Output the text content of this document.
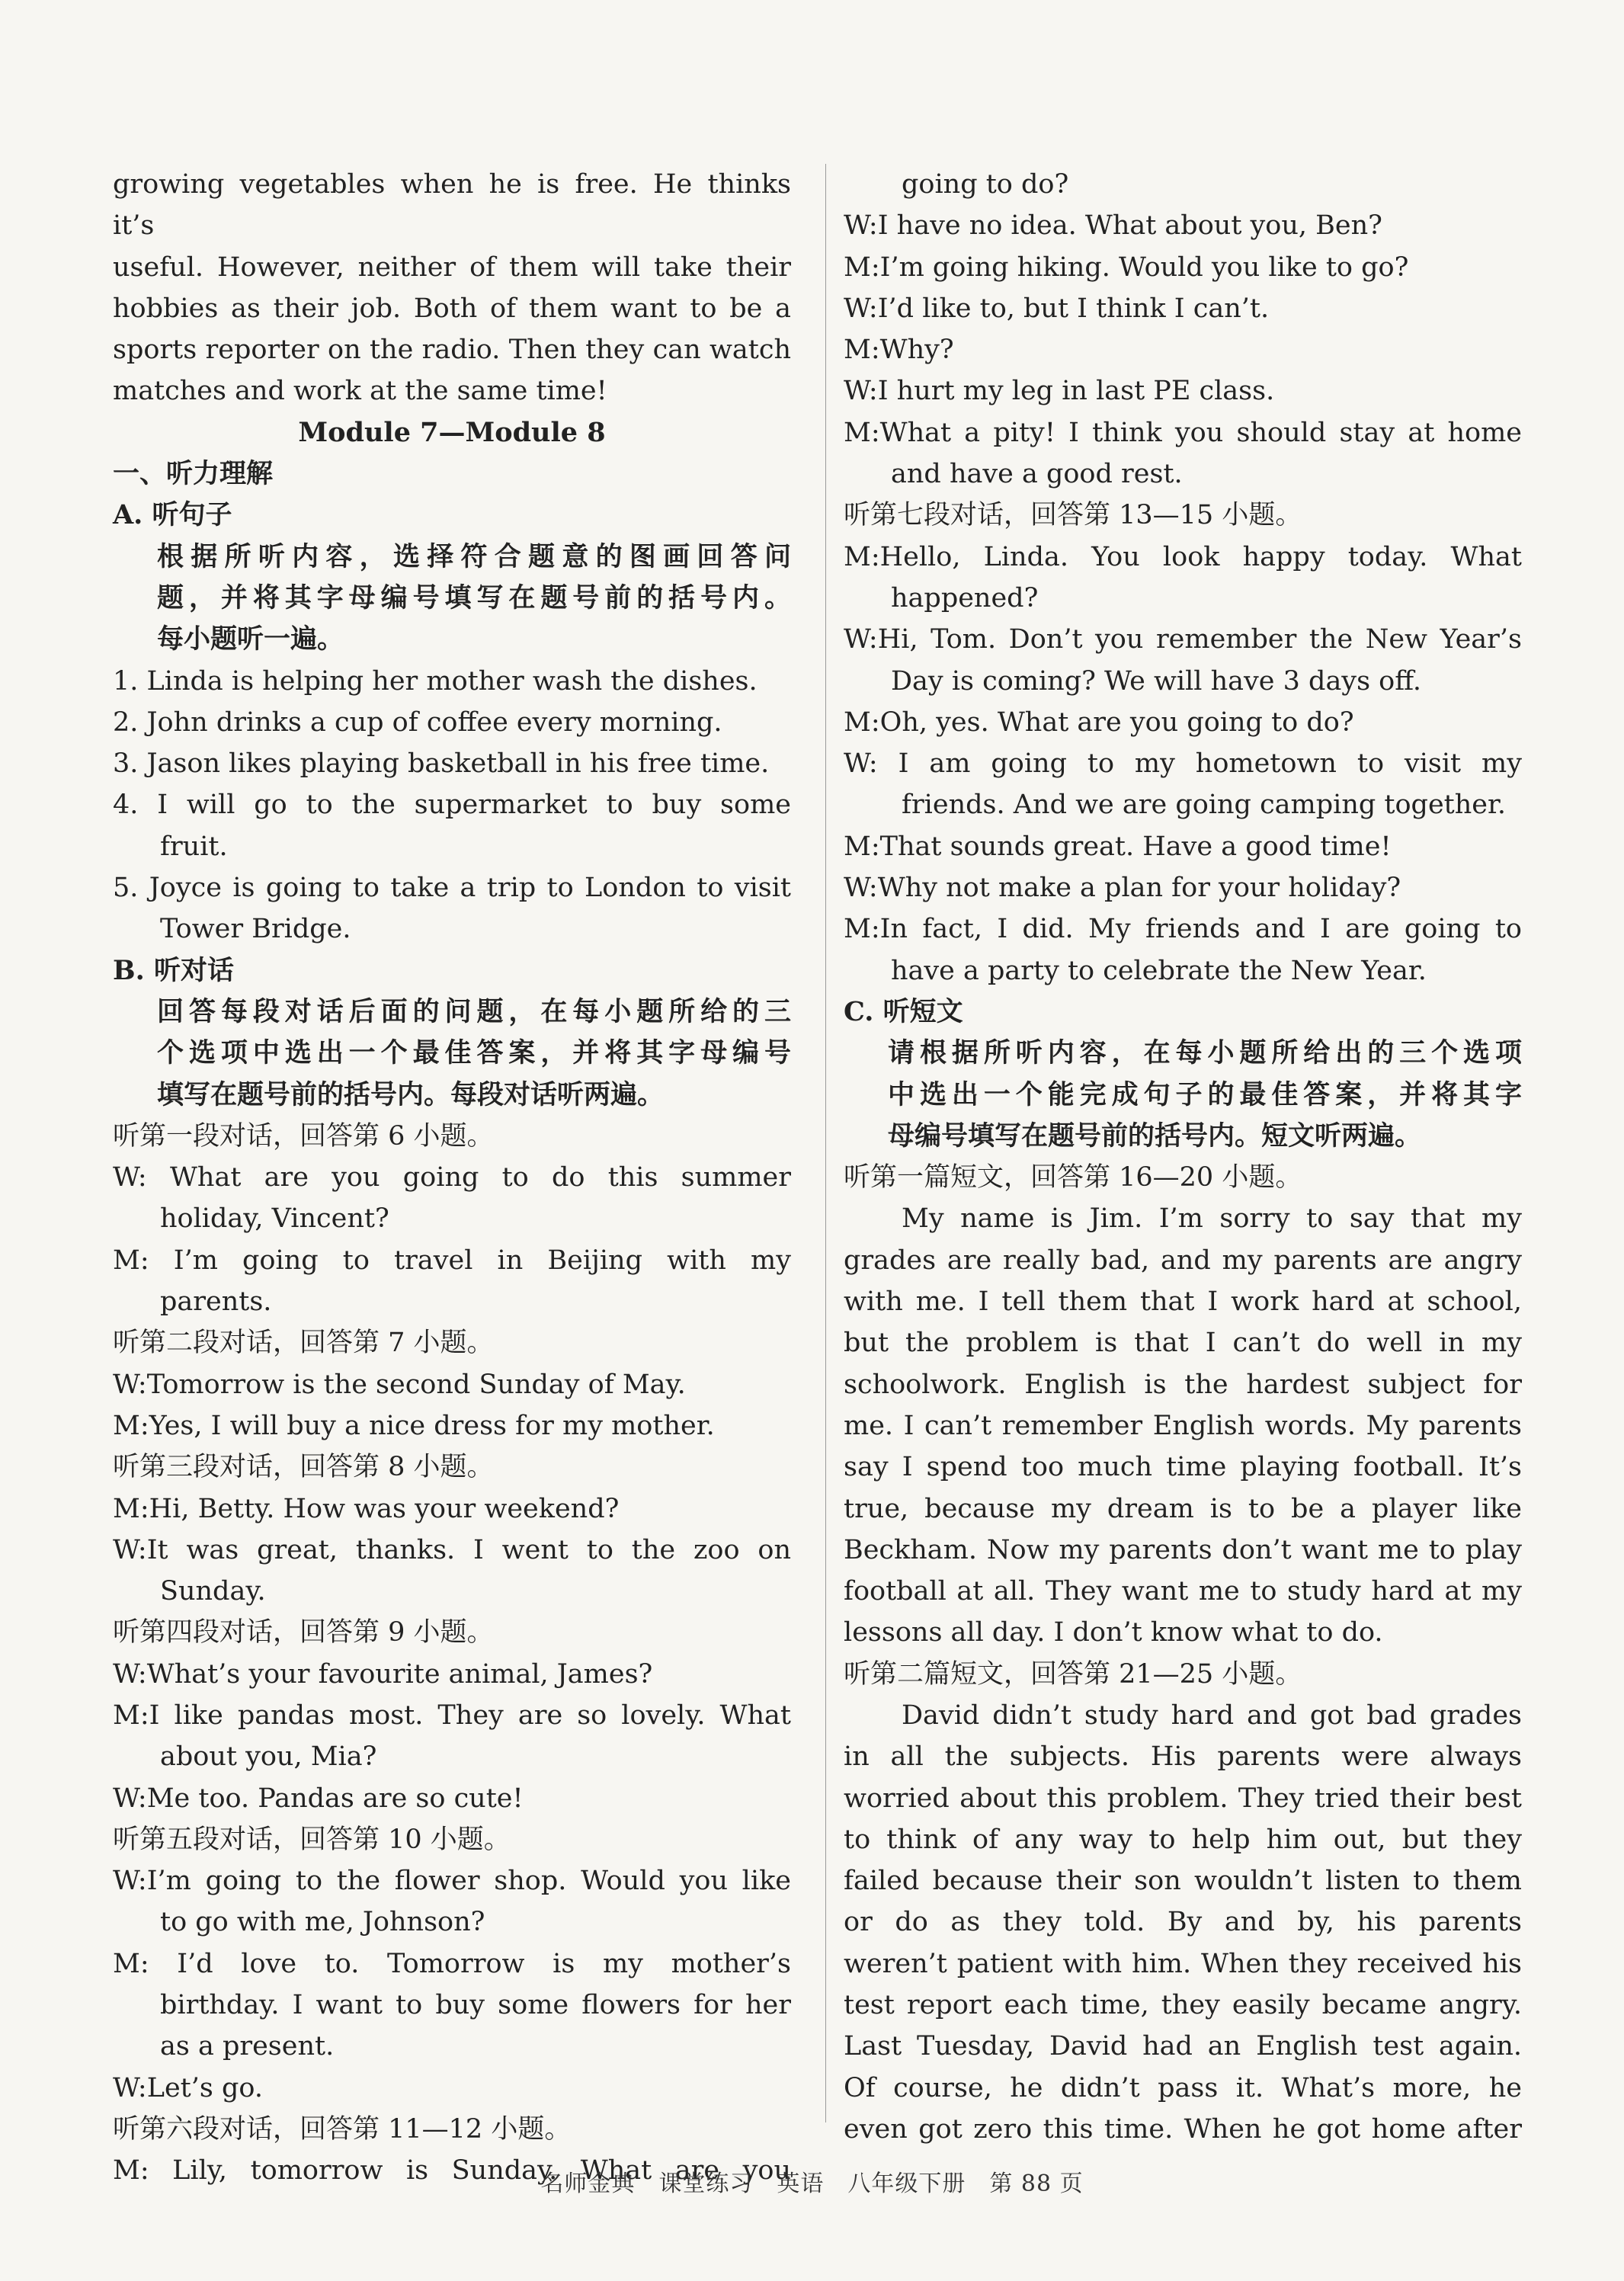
growing vegetables when he is free. He thinks it’s
useful. However, neither of them will take their
hobbies as their job. Both of them want to be a
sports reporter on the radio. Then they can watch
matches and work at the same time!
Module 7—Module 8
一、听力理解
A. 听句子
根据所听内容，选择符合题意的图画回答问
题，并将其字母编号填写在题号前的括号内。
每小题听一遍。
1. Linda is helping her mother wash the dishes.
2. John drinks a cup of coffee every morning.
3. Jason likes playing basketball in his free time.
4. I will go to the supermarket to buy some
fruit.
5. Joyce is going to take a trip to London to visit
Tower Bridge.
B. 听对话
回答每段对话后面的问题，在每小题所给的三
个选项中选出一个最佳答案，并将其字母编号
填写在题号前的括号内。每段对话听两遍。
听第一段对话，回答第 6 小题。
W: What are you going to do this summer
holiday, Vincent?
M: I’m going to travel in Beijing with my
parents.
听第二段对话，回答第 7 小题。
W:Tomorrow is the second Sunday of May.
M:Yes, I will buy a nice dress for my mother.
听第三段对话，回答第 8 小题。
M:Hi, Betty. How was your weekend?
W:It was great, thanks. I went to the zoo on
Sunday.
听第四段对话，回答第 9 小题。
W:What’s your favourite animal, James?
M:I like pandas most. They are so lovely. What
about you, Mia?
W:Me too. Pandas are so cute!
听第五段对话，回答第 10 小题。
W:I’m going to the flower shop. Would you like
to go with me, Johnson?
M: I’d love to. Tomorrow is my mother’s
birthday. I want to buy some flowers for her
as a present.
W:Let’s go.
听第六段对话，回答第 11—12 小题。
M: Lily, tomorrow is Sunday. What are you
going to do?
W:I have no idea. What about you, Ben?
M:I’m going hiking. Would you like to go?
W:I’d like to, but I think I can’t.
M:Why?
W:I hurt my leg in last PE class.
M:What a pity! I think you should stay at home
and have a good rest.
听第七段对话，回答第 13—15 小题。
M:Hello, Linda. You look happy today. What
happened?
W:Hi, Tom. Don’t you remember the New Year’s
Day is coming? We will have 3 days off.
M:Oh, yes. What are you going to do?
W: I am going to my hometown to visit my
friends. And we are going camping together.
M:That sounds great. Have a good time!
W:Why not make a plan for your holiday?
M:In fact, I did. My friends and I are going to
have a party to celebrate the New Year.
C. 听短文
请根据所听内容，在每小题所给出的三个选项
中选出一个能完成句子的最佳答案，并将其字
母编号填写在题号前的括号内。短文听两遍。
听第一篇短文，回答第 16—20 小题。
My name is Jim. I’m sorry to say that my
grades are really bad, and my parents are angry
with me. I tell them that I work hard at school,
but the problem is that I can’t do well in my
schoolwork. English is the hardest subject for
me. I can’t remember English words. My parents
say I spend too much time playing football. It’s
true, because my dream is to be a player like
Beckham. Now my parents don’t want me to play
football at all. They want me to study hard at my
lessons all day. I don’t know what to do.
听第二篇短文，回答第 21—25 小题。
David didn’t study hard and got bad grades
in all the subjects. His parents were always
worried about this problem. They tried their best
to think of any way to help him out, but they
failed because their son wouldn’t listen to them
or do as they told. By and by, his parents
weren’t patient with him. When they received his
test report each time, they easily became angry.
Last Tuesday, David had an English test again.
Of course, he didn’t pass it. What’s more, he
even got zero this time. When he got home after
名师金典　课堂练习　英语　八年级下册　第 88 页
